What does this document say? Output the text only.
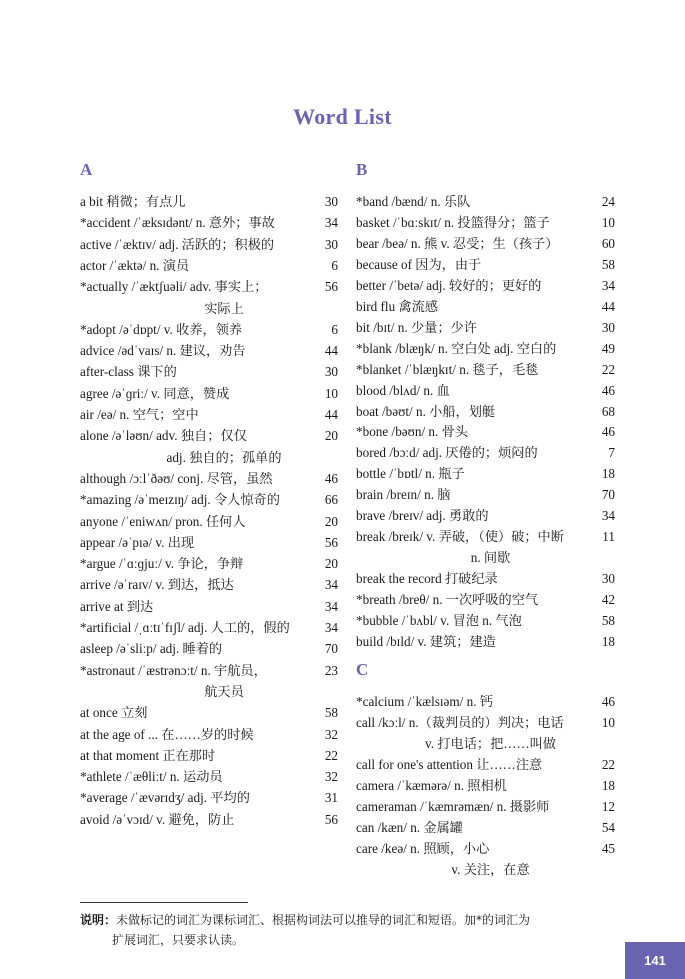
Word List
A
a bit 稍微；有点儿	30
*accident /ˈæksɪdənt/ n. 意外；事故	34
active /ˈæktɪv/ adj. 活跃的；积极的	30
actor /ˈæktə/ n. 演员	6
*actually /ˈæktʃuəli/ adv. 事实上；	56
实际上
*adopt /əˈdɒpt/ v. 收养，领养	6
advice /ədˈvaɪs/ n. 建议，劝告	44
after-class 课下的	30
agree /əˈɡriː/ v. 同意，赞成	10
air /eə/ n. 空气；空中	44
alone /əˈləʊn/ adv. 独自；仅仅	20
adj. 独自的；孤单的
although /ɔːlˈðəʊ/ conj. 尽管，虽然	46
*amazing /əˈmeɪzɪŋ/ adj. 令人惊奇的	66
anyone /ˈeniwʌn/ pron. 任何人	20
appear /əˈpɪə/ v. 出现	56
*argue /ˈɑːɡjuː/ v. 争论，争辩	20
arrive /əˈraɪv/ v. 到达，抵达	34
arrive at 到达	34
*artificial /ˌɑːtɪˈfɪʃl/ adj. 人工的，假的	34
asleep /əˈsliːp/ adj. 睡着的	70
*astronaut /ˈæstrənɔːt/ n. 宇航员，	23
航天员
at once 立刻	58
at the age of ... 在……岁的时候	32
at that moment 正在那时	22
*athlete /ˈæθliːt/ n. 运动员	32
*average /ˈævərɪdʒ/ adj. 平均的	31
avoid /əˈvɔɪd/ v. 避免，防止	56
B
*band /bænd/ n. 乐队	24
basket /ˈbɑːskɪt/ n. 投篮得分；篮子	10
bear /beə/ n. 熊 v. 忍受；生（孩子）	60
because of 因为，由于	58
better /ˈbetə/ adj. 较好的；更好的	34
bird flu 禽流感	44
bit /bɪt/ n. 少量；少许	30
*blank /blæŋk/ n. 空白处 adj. 空白的	49
*blanket /ˈblæŋkɪt/ n. 毯子，毛毯	22
blood /blʌd/ n. 血	46
boat /bəʊt/ n. 小船，划艇	68
*bone /bəʊn/ n. 骨头	46
bored /bɔːd/ adj. 厌倦的；烦闷的	7
bottle /ˈbɒtl/ n. 瓶子	18
brain /breɪn/ n. 脑	70
brave /breɪv/ adj. 勇敢的	34
break /breɪk/ v. 弄破，（使）破；中断	11
n. 间歇
break the record 打破纪录	30
*breath /breθ/ n. 一次呼吸的空气	42
*bubble /ˈbʌbl/ v. 冒泡 n. 气泡	58
build /bɪld/ v. 建筑；建造	18
C
*calcium /ˈkælsɪəm/ n. 钙	46
call /kɔːl/ n.（裁判员的）判决；电话	10
v. 打电话；把……叫做
call for one's attention 让……注意	22
camera /ˈkæmərə/ n. 照相机	18
cameraman /ˈkæmrəmæn/ n. 摄影师	12
can /kæn/ n. 金属罐	54
care /keə/ n. 照顾，小心	45
v. 关注，在意
说明：未做标记的词汇为课标词汇、根据构词法可以推导的词汇和短语。加*的词汇为
扩展词汇，只要求认读。
141
